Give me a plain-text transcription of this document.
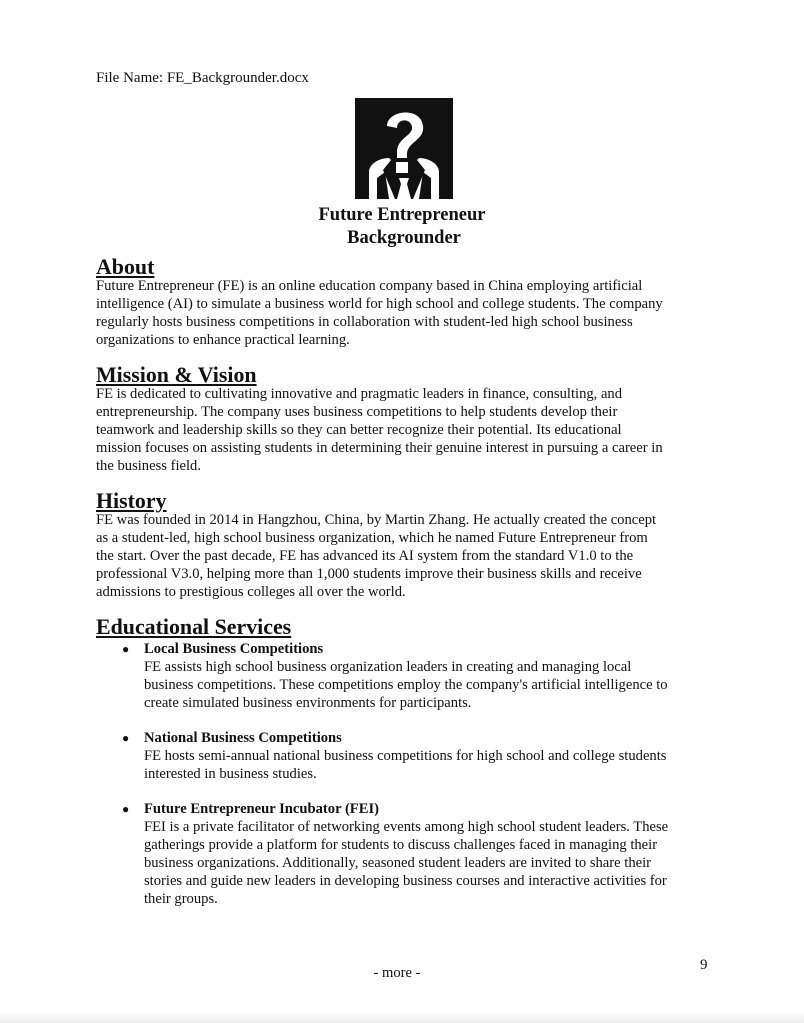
File Name: FE_Backgrounder.docx
Future Entrepreneur
Backgrounder
About

Future Entrepreneur (FE) is an online education company based in China employing artificial
intelligence (AI) to simulate a business world for high school and college students. The company
regularly hosts business competitions in collaboration with student-led high school business
organizations to enhance practical learning.

Mission & Vision

FE is dedicated to cultivating innovative and pragmatic leaders in finance, consulting, and
entrepreneurship. The company uses business competitions to help students develop their
teamwork and leadership skills so they can better recognize their potential. Its educational
mission focuses on assisting students in determining their genuine interest in pursuing a career in
the business field.

History

FE was founded in 2014 in Hangzhou, China, by Martin Zhang. He actually created the concept
as a student-led, high school business organization, which he named Future Entrepreneur from
the start. Over the past decade, FE has advanced its AI system from the standard V1.0 to the
professional V3.0, helping more than 1,000 students improve their business skills and receive
admissions to prestigious colleges all over the world.

Educational Services
● Local Business Competitions
FE assists high school business organization leaders in creating and managing local
business competitions. These competitions employ the company's artificial intelligence to
create simulated business environments for participants.
● National Business Competitions
FE hosts semi-annual national business competitions for high school and college students
interested in business studies.
● Future Entrepreneur Incubator (FEI)
FEI is a private facilitator of networking events among high school student leaders. These
gatherings provide a platform for students to discuss challenges faced in managing their
business organizations. Additionally, seasoned student leaders are invited to share their
stories and guide new leaders in developing business courses and interactive activities for
their groups.
9
- more -
